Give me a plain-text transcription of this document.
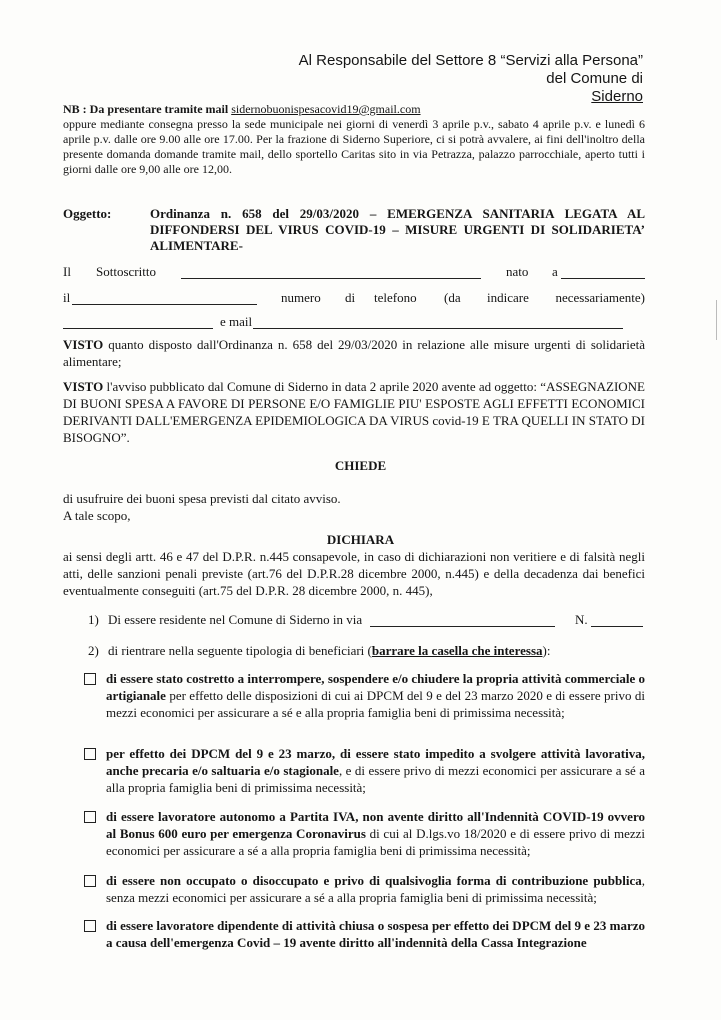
Al Responsabile del Settore 8 “Servizi alla Persona”
del Comune di
Siderno
NB : Da presentare tramite mail sidernobuonispesacovid19@gmail.com
oppure mediante consegna presso la sede municipale nei giorni di venerdì 3 aprile p.v., sabato 4 aprile p.v. e lunedì 6 aprile p.v. dalle ore 9.00 alle ore 17.00. Per la frazione di Siderno Superiore, ci si potrà avvalere, ai fini dell'inoltro della presente domanda domande tramite mail, dello sportello Caritas sito in via Petrazza, palazzo parrocchiale, aperto tutti i giorni dalle ore 9,00 alle ore 12,00.
Oggetto:	Ordinanza n. 658 del 29/03/2020 – EMERGENZA SANITARIA LEGATA AL
DIFFONDERSI DEL VIRUS COVID-19 – MISURE URGENTI DI SOLIDARIETA’
ALIMENTARE-
Il Sottoscritto	nato a
il	numero di telefono (da indicare necessariamente)
e mail
VISTO quanto disposto dall'Ordinanza n. 658 del 29/03/2020 in relazione alle misure urgenti di solidarietà alimentare;
VISTO l'avviso pubblicato dal Comune di Siderno in data 2 aprile 2020 avente ad oggetto: “ASSEGNAZIONE DI BUONI SPESA A FAVORE DI PERSONE E/O FAMIGLIE PIU' ESPOSTE AGLI EFFETTI ECONOMICI DERIVANTI DALL'EMERGENZA EPIDEMIOLOGICA DA VIRUS covid-19 E TRA QUELLI IN STATO DI BISOGNO”.
CHIEDE
di usufruire dei buoni spesa previsti dal citato avviso.
A tale scopo,
DICHIARA
ai sensi degli artt. 46 e 47 del D.P.R. n.445 consapevole, in caso di dichiarazioni non veritiere e di falsità negli atti, delle sanzioni penali previste (art.76 del D.P.R.28 dicembre 2000, n.445) e della decadenza dai benefici eventualmente conseguiti (art.75 del D.P.R. 28 dicembre 2000, n. 445),
1) Di essere residente nel Comune di Siderno in via	N.
2) di rientrare nella seguente tipologia di beneficiari (barrare la casella che interessa):
di essere stato costretto a interrompere, sospendere e/o chiudere la propria attività commerciale o artigianale per effetto delle disposizioni di cui ai DPCM del 9 e del 23 marzo 2020 e di essere privo di mezzi economici per assicurare a sé e alla propria famiglia beni di primissima necessità;
per effetto dei DPCM del 9 e 23 marzo, di essere stato impedito a svolgere attività lavorativa, anche precaria e/o saltuaria e/o stagionale, e di essere privo di mezzi economici per assicurare a sé a alla propria famiglia beni di primissima necessità;
di essere lavoratore autonomo a Partita IVA, non avente diritto all'Indennità COVID-19 ovvero al Bonus 600 euro per emergenza Coronavirus di cui al D.lgs.vo 18/2020 e di essere privo di mezzi economici per assicurare a sé a alla propria famiglia beni di primissima necessità;
di essere non occupato o disoccupato e privo di qualsivoglia forma di contribuzione pubblica, senza mezzi economici per assicurare a sé a alla propria famiglia beni di primissima necessità;
di essere lavoratore dipendente di attività chiusa o sospesa per effetto dei DPCM del 9 e 23 marzo a causa dell'emergenza Covid – 19 avente diritto all'indennità della Cassa Integrazione
